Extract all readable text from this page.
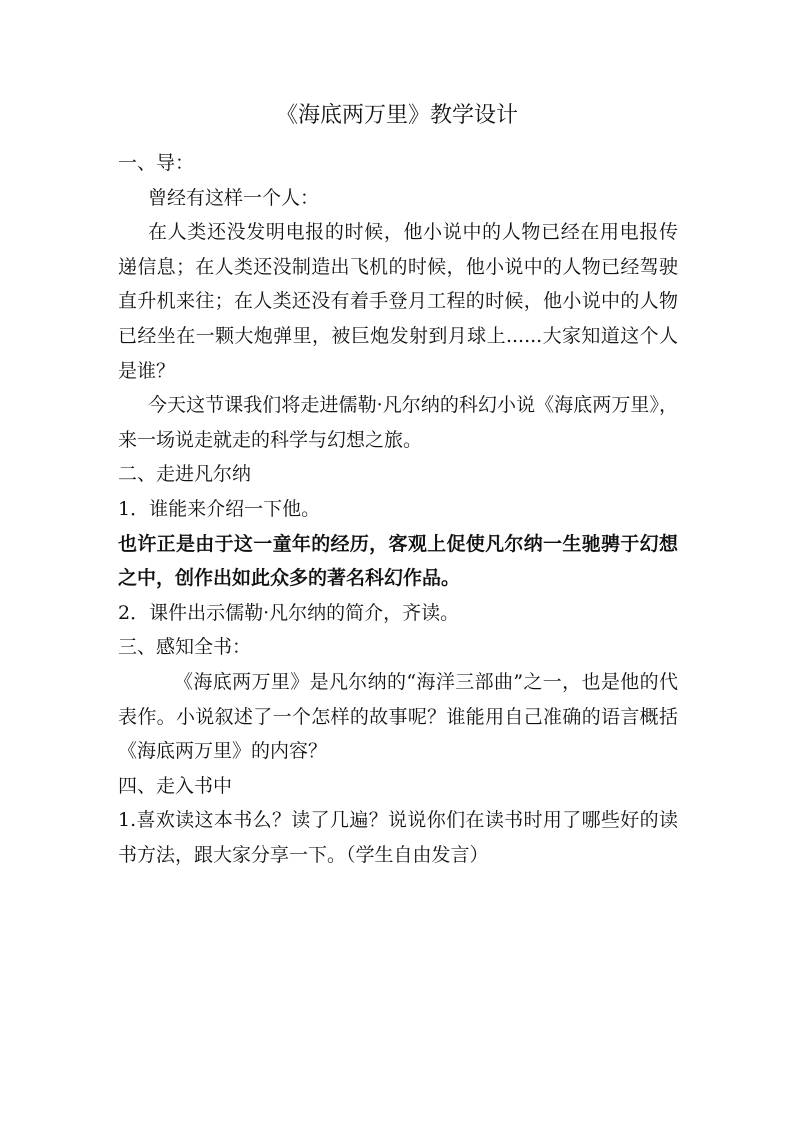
《海底两万里》教学设计

一、导：

曾经有这样一个人：

在人类还没发明电报的时候，他小说中的人物已经在用电报传递信息；在人类还没制造出飞机的时候，他小说中的人物已经驾驶直升机来往；在人类还没有着手登月工程的时候，他小说中的人物已经坐在一颗大炮弹里，被巨炮发射到月球上......大家知道这个人是谁？

今天这节课我们将走进儒勒·凡尔纳的科幻小说《海底两万里》，来一场说走就走的科学与幻想之旅。

二、走进凡尔纳

1．谁能来介绍一下他。

也许正是由于这一童年的经历，客观上促使凡尔纳一生驰骋于幻想之中，创作出如此众多的著名科幻作品。

2．课件出示儒勒·凡尔纳的简介，齐读。

三、感知全书：

《海底两万里》是凡尔纳的“海洋三部曲”之一，也是他的代表作。小说叙述了一个怎样的故事呢？谁能用自己准确的语言概括《海底两万里》的内容？

四、走入书中

1.喜欢读这本书么？读了几遍？说说你们在读书时用了哪些好的读书方法，跟大家分享一下。（学生自由发言）
